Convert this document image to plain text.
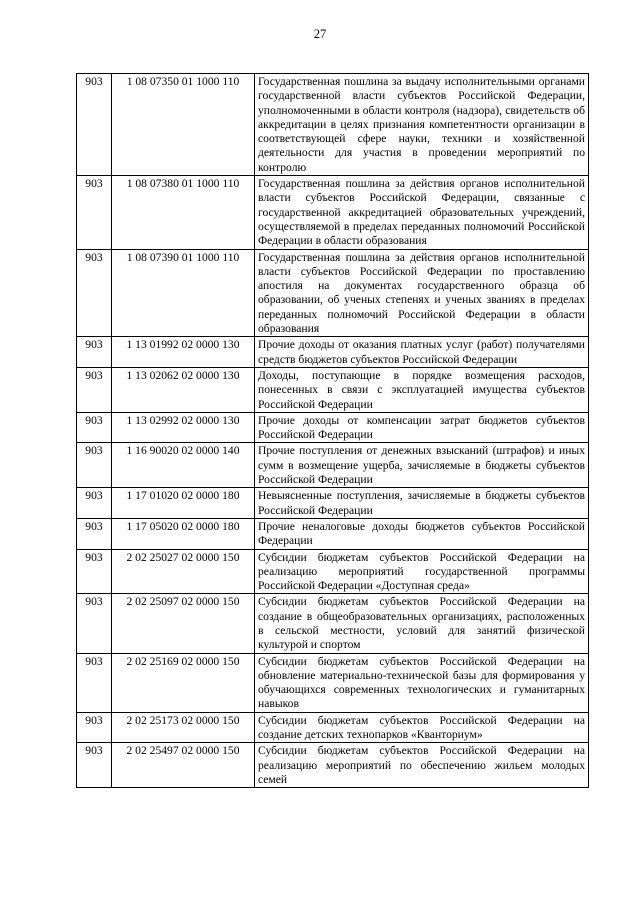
27
903	1 08 07350 01 1000 110	Государственная пошлина за выдачу исполнительными органами государственной власти субъектов Российской Федерации, уполномоченными в области контроля (надзора), свидетельств об аккредитации в целях признания компетентности организации в соответствующей сфере науки, техники и хозяйственной деятельности для участия в проведении мероприятий по контролю
903	1 08 07380 01 1000 110	Государственная пошлина за действия органов исполнительной власти субъектов Российской Федерации, связанные с государственной аккредитацией образовательных учреждений, осуществляемой в пределах переданных полномочий Российской Федерации в области образования
903	1 08 07390 01 1000 110	Государственная пошлина за действия органов исполнительной власти субъектов Российской Федерации по проставлению апостиля на документах государственного образца об образовании, об ученых степенях и ученых званиях в пределах переданных полномочий Российской Федерации в области образования
903	1 13 01992 02 0000 130	Прочие доходы от оказания платных услуг (работ) получателями средств бюджетов субъектов Российской Федерации
903	1 13 02062 02 0000 130	Доходы, поступающие в порядке возмещения расходов, понесенных в связи с эксплуатацией имущества субъектов Российской Федерации
903	1 13 02992 02 0000 130	Прочие доходы от компенсации затрат бюджетов субъектов Российской Федерации
903	1 16 90020 02 0000 140	Прочие поступления от денежных взысканий (штрафов) и иных сумм в возмещение ущерба, зачисляемые в бюджеты субъектов Российской Федерации
903	1 17 01020 02 0000 180	Невыясненные поступления, зачисляемые в бюджеты субъектов Российской Федерации
903	1 17 05020 02 0000 180	Прочие неналоговые доходы бюджетов субъектов Российской Федерации
903	2 02 25027 02 0000 150	Субсидии бюджетам субъектов Российской Федерации на реализацию мероприятий государственной программы Российской Федерации «Доступная среда»
903	2 02 25097 02 0000 150	Субсидии бюджетам субъектов Российской Федерации на создание в общеобразовательных организациях, расположенных в сельской местности, условий для занятий физической культурой и спортом
903	2 02 25169 02 0000 150	Субсидии бюджетам субъектов Российской Федерации на обновление материально-технической базы для формирования у обучающихся современных технологических и гуманитарных навыков
903	2 02 25173 02 0000 150	Субсидии бюджетам субъектов Российской Федерации на создание детских технопарков «Кванториум»
903	2 02 25497 02 0000 150	Субсидии бюджетам субъектов Российской Федерации на реализацию мероприятий по обеспечению жильем молодых семей
